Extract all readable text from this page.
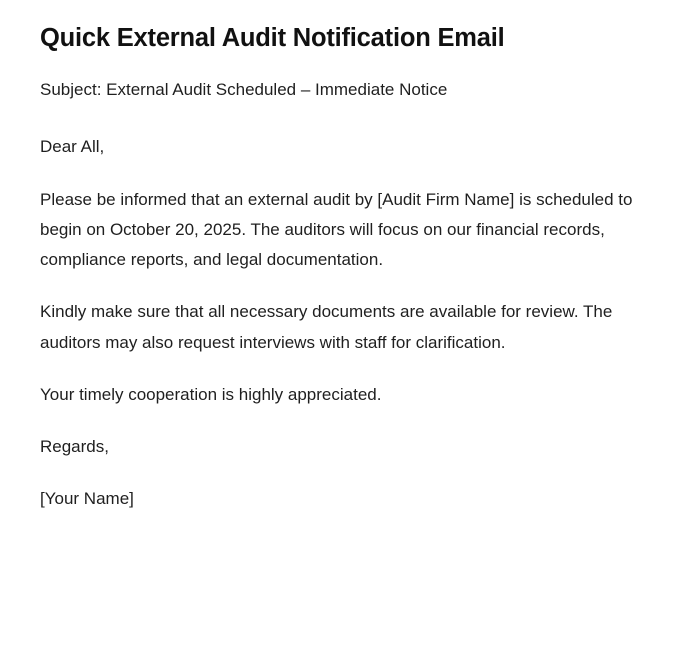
Quick External Audit Notification Email

Subject: External Audit Scheduled – Immediate Notice

Dear All,

Please be informed that an external audit by [Audit Firm Name] is scheduled to begin on October 20, 2025. The auditors will focus on our financial records, compliance reports, and legal documentation.

Kindly make sure that all necessary documents are available for review. The auditors may also request interviews with staff for clarification.

Your timely cooperation is highly appreciated.

Regards,

[Your Name]
